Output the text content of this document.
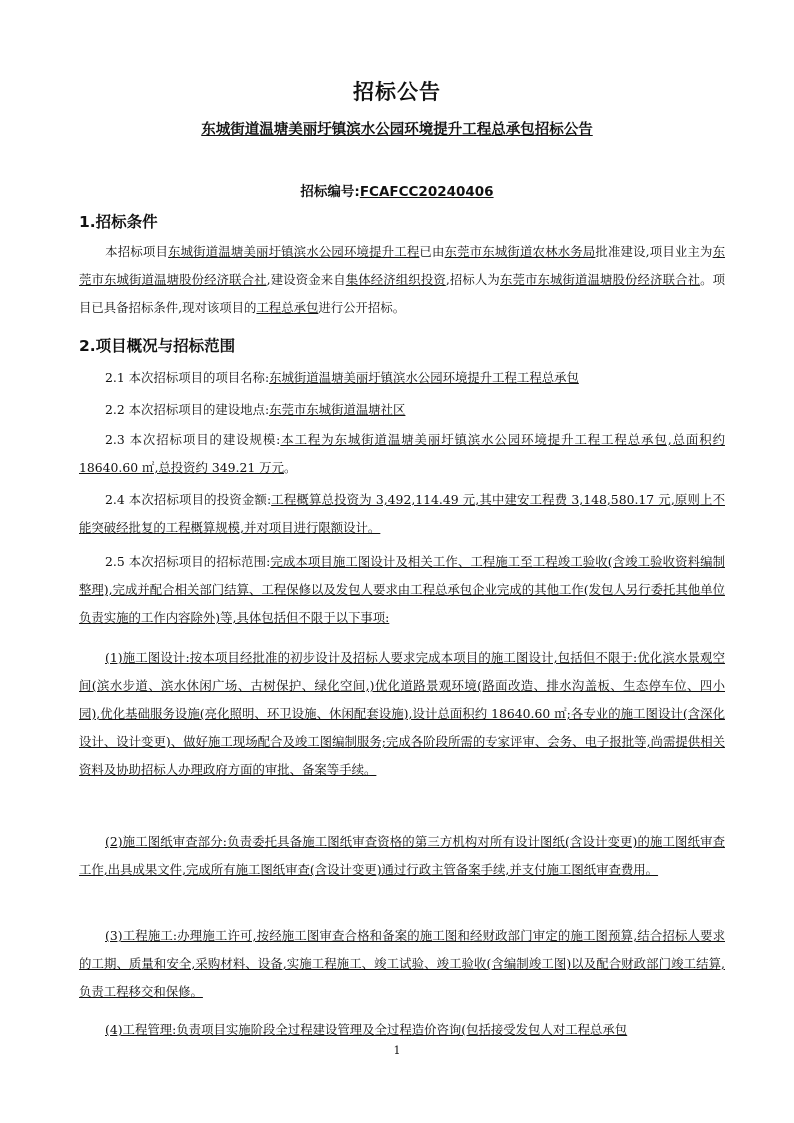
招标公告
东城街道温塘美丽圩镇滨水公园环境提升工程总承包招标公告
招标编号:FCAFCC20240406
1.招标条件
本招标项目东城街道温塘美丽圩镇滨水公园环境提升工程已由东莞市东城街道农林水务局批准建设,项目业主为东莞市东城街道温塘股份经济联合社,建设资金来自集体经济组织投资,招标人为东莞市东城街道温塘股份经济联合社。项目已具备招标条件,现对该项目的工程总承包进行公开招标。
2.项目概况与招标范围
2.1 本次招标项目的项目名称:东城街道温塘美丽圩镇滨水公园环境提升工程工程总承包
2.2 本次招标项目的建设地点:东莞市东城街道温塘社区
2.3 本次招标项目的建设规模:本工程为东城街道温塘美丽圩镇滨水公园环境提升工程工程总承包,总面积约 18640.60 ㎡,总投资约 349.21 万元。
2.4 本次招标项目的投资金额:工程概算总投资为 3,492,114.49 元,其中建安工程费 3,148,580.17 元,原则上不能突破经批复的工程概算规模,并对项目进行限额设计。
2.5 本次招标项目的招标范围:完成本项目施工图设计及相关工作、工程施工至工程竣工验收(含竣工验收资料编制整理),完成并配合相关部门结算、工程保修以及发包人要求由工程总承包企业完成的其他工作(发包人另行委托其他单位负责实施的工作内容除外)等,具体包括但不限于以下事项:
(1)施工图设计:按本项目经批准的初步设计及招标人要求完成本项目的施工图设计,包括但不限于:优化滨水景观空间(滨水步道、滨水休闲广场、古树保护、绿化空间,)优化道路景观环境(路面改造、排水沟盖板、生态停车位、四小园),优化基础服务设施(亮化照明、环卫设施、休闲配套设施),设计总面积约 18640.60 ㎡;各专业的施工图设计(含深化设计、设计变更)、做好施工现场配合及竣工图编制服务;完成各阶段所需的专家评审、会务、电子报批等,尚需提供相关资料及协助招标人办理政府方面的审批、备案等手续。
(2)施工图纸审查部分:负责委托具备施工图纸审查资格的第三方机构对所有设计图纸(含设计变更)的施工图纸审查工作,出具成果文件,完成所有施工图纸审查(含设计变更)通过行政主管备案手续,并支付施工图纸审查费用。
(3)工程施工:办理施工许可,按经施工图审查合格和备案的施工图和经财政部门审定的施工图预算,结合招标人要求的工期、质量和安全,采购材料、设备,实施工程施工、竣工试验、竣工验收(含编制竣工图)以及配合财政部门竣工结算,负责工程移交和保修。
(4)工程管理:负责项目实施阶段全过程建设管理及全过程造价咨询(包括接受发包人对工程总承包
1
